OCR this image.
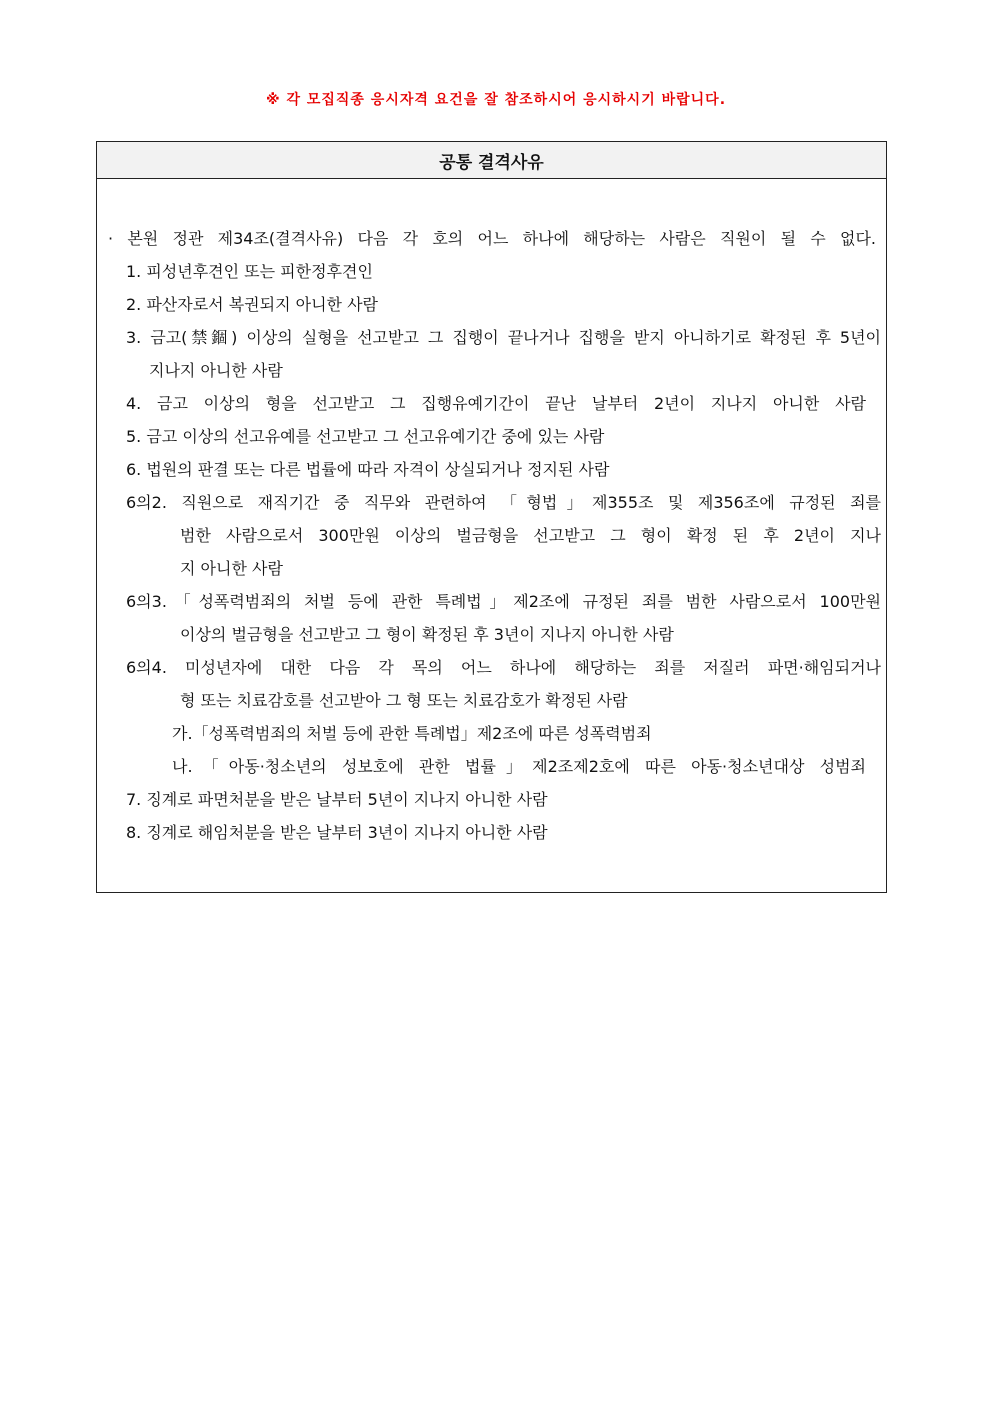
※ 각 모집직종 응시자격 요건을 잘 참조하시어 응시하시기 바랍니다.
공통 결격사유
· 본원 정관 제34조(결격사유) 다음 각 호의 어느 하나에 해당하는 사람은 직원이 될 수 없다.
1. 피성년후견인 또는 피한정후견인
2. 파산자로서 복권되지 아니한 사람
3. 금고(禁錮) 이상의 실형을 선고받고 그 집행이 끝나거나 집행을 받지 아니하기로 확정된 후 5년이
지나지 아니한 사람
4. 금고 이상의 형을 선고받고 그 집행유예기간이 끝난 날부터 2년이 지나지 아니한 사람
5. 금고 이상의 선고유예를 선고받고 그 선고유예기간 중에 있는 사람
6. 법원의 판결 또는 다른 법률에 따라 자격이 상실되거나 정지된 사람
6의2. 직원으로 재직기간 중 직무와 관련하여 「형법」제355조 및 제356조에 규정된 죄를
범한 사람으로서 300만원 이상의 벌금형을 선고받고 그 형이 확정 된 후 2년이 지나
지 아니한 사람
6의3.「성폭력범죄의 처벌 등에 관한 특례법」제2조에 규정된 죄를 범한 사람으로서 100만원
이상의 벌금형을 선고받고 그 형이 확정된 후 3년이 지나지 아니한 사람
6의4. 미성년자에 대한 다음 각 목의 어느 하나에 해당하는 죄를 저질러 파면·해임되거나
형 또는 치료감호를 선고받아 그 형 또는 치료감호가 확정된 사람
가.「성폭력범죄의 처벌 등에 관한 특례법」제2조에 따른 성폭력범죄
나.「아동·청소년의 성보호에 관한 법률」제2조제2호에 따른 아동·청소년대상 성범죄
7. 징계로 파면처분을 받은 날부터 5년이 지나지 아니한 사람
8. 징계로 해임처분을 받은 날부터 3년이 지나지 아니한 사람
